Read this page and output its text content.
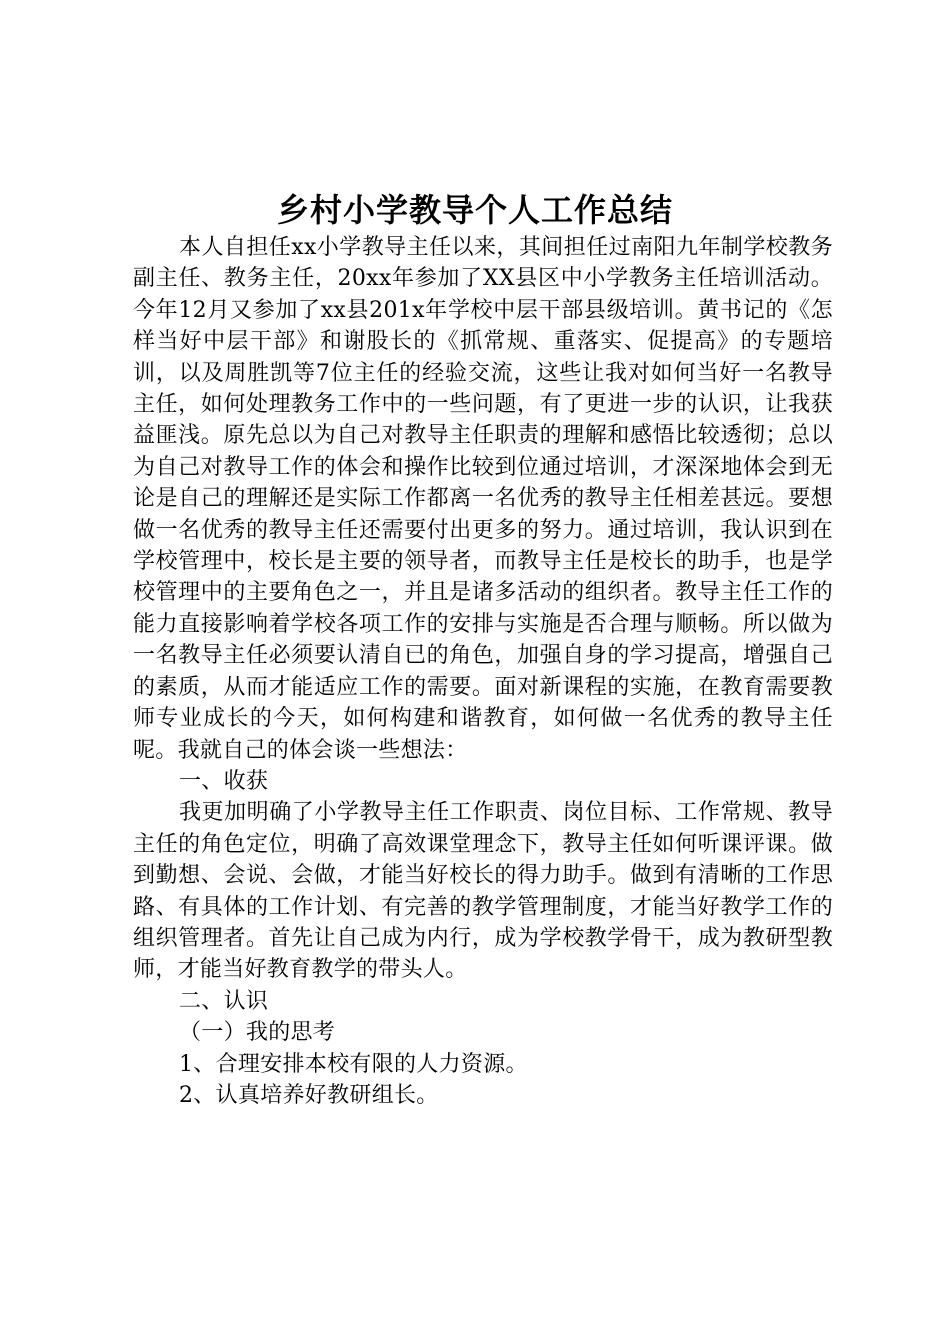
乡村小学教导个人工作总结

本人自担任xx小学教导主任以来，其间担任过南阳九年制学校教务副主任、教务主任，20xx年参加了XX县区中小学教务主任培训活动。今年12月又参加了xx县201x年学校中层干部县级培训。黄书记的《怎样当好中层干部》和谢股长的《抓常规、重落实、促提高》的专题培训，以及周胜凯等7位主任的经验交流，这些让我对如何当好一名教导主任，如何处理教务工作中的一些问题，有了更进一步的认识，让我获益匪浅。原先总以为自己对教导主任职责的理解和感悟比较透彻；总以为自己对教导工作的体会和操作比较到位通过培训，才深深地体会到无论是自己的理解还是实际工作都离一名优秀的教导主任相差甚远。要想做一名优秀的教导主任还需要付出更多的努力。通过培训，我认识到在学校管理中，校长是主要的领导者，而教导主任是校长的助手，也是学校管理中的主要角色之一，并且是诸多活动的组织者。教导主任工作的能力直接影响着学校各项工作的安排与实施是否合理与顺畅。所以做为一名教导主任必须要认清自已的角色，加强自身的学习提高，增强自己的素质，从而才能适应工作的需要。面对新课程的实施，在教育需要教师专业成长的今天，如何构建和谐教育，如何做一名优秀的教导主任呢。我就自己的体会谈一些想法：

一、收获

我更加明确了小学教导主任工作职责、岗位目标、工作常规、教导主任的角色定位，明确了高效课堂理念下，教导主任如何听课评课。做到勤想、会说、会做，才能当好校长的得力助手。做到有清晰的工作思路、有具体的工作计划、有完善的教学管理制度，才能当好教学工作的组织管理者。首先让自己成为内行，成为学校教学骨干，成为教研型教师，才能当好教育教学的带头人。

二、认识

（一）我的思考

1、合理安排本校有限的人力资源。

2、认真培养好教研组长。
